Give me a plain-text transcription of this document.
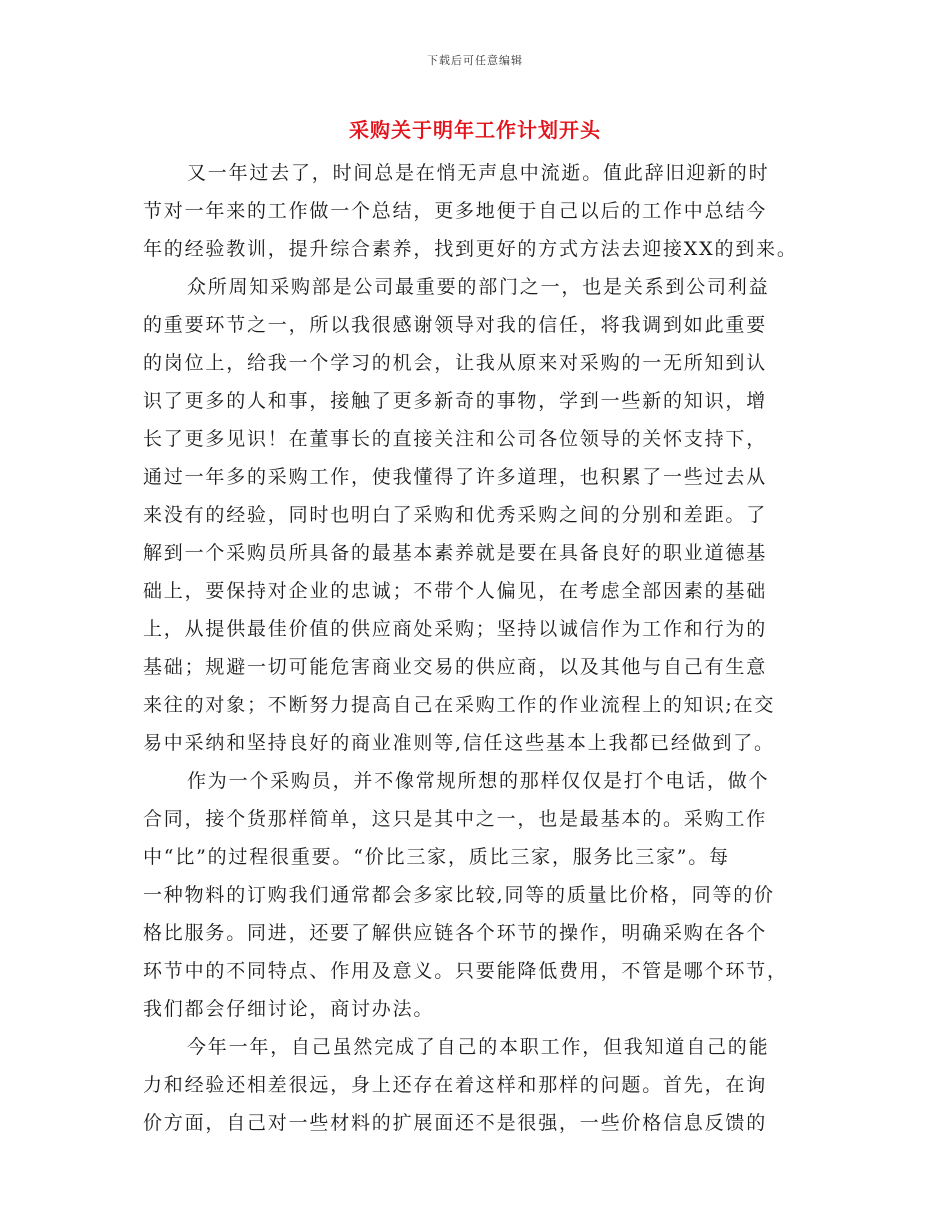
下载后可任意编辑
采购关于明年工作计划开头
又一年过去了，时间总是在悄无声息中流逝。值此辞旧迎新的时
节对一年来的工作做一个总结，更多地便于自己以后的工作中总结今
年的经验教训，提升综合素养，找到更好的方式方法去迎接XX的到来。
众所周知采购部是公司最重要的部门之一，也是关系到公司利益
的重要环节之一，所以我很感谢领导对我的信任，将我调到如此重要
的岗位上，给我一个学习的机会，让我从原来对采购的一无所知到认
识了更多的人和事，接触了更多新奇的事物，学到一些新的知识，增
长了更多见识！在董事长的直接关注和公司各位领导的关怀支持下，
通过一年多的采购工作，使我懂得了许多道理，也积累了一些过去从
来没有的经验，同时也明白了采购和优秀采购之间的分别和差距。了
解到一个采购员所具备的最基本素养就是要在具备良好的职业道德基
础上，要保持对企业的忠诚；不带个人偏见，在考虑全部因素的基础
上，从提供最佳价值的供应商处采购；坚持以诚信作为工作和行为的
基础；规避一切可能危害商业交易的供应商，以及其他与自己有生意
来往的对象；不断努力提高自己在采购工作的作业流程上的知识;在交
易中采纳和坚持良好的商业准则等,信任这些基本上我都已经做到了。
作为一个采购员，并不像常规所想的那样仅仅是打个电话，做个
合同，接个货那样简单，这只是其中之一，也是最基本的。采购工作
中“比”的过程很重要。“价比三家，质比三家，服务比三家”。每
一种物料的订购我们通常都会多家比较,同等的质量比价格，同等的价
格比服务。同进，还要了解供应链各个环节的操作，明确采购在各个
环节中的不同特点、作用及意义。只要能降低费用，不管是哪个环节，
我们都会仔细讨论，商讨办法。
今年一年，自己虽然完成了自己的本职工作，但我知道自己的能
力和经验还相差很远，身上还存在着这样和那样的问题。首先，在询
价方面，自己对一些材料的扩展面还不是很强，一些价格信息反馈的
